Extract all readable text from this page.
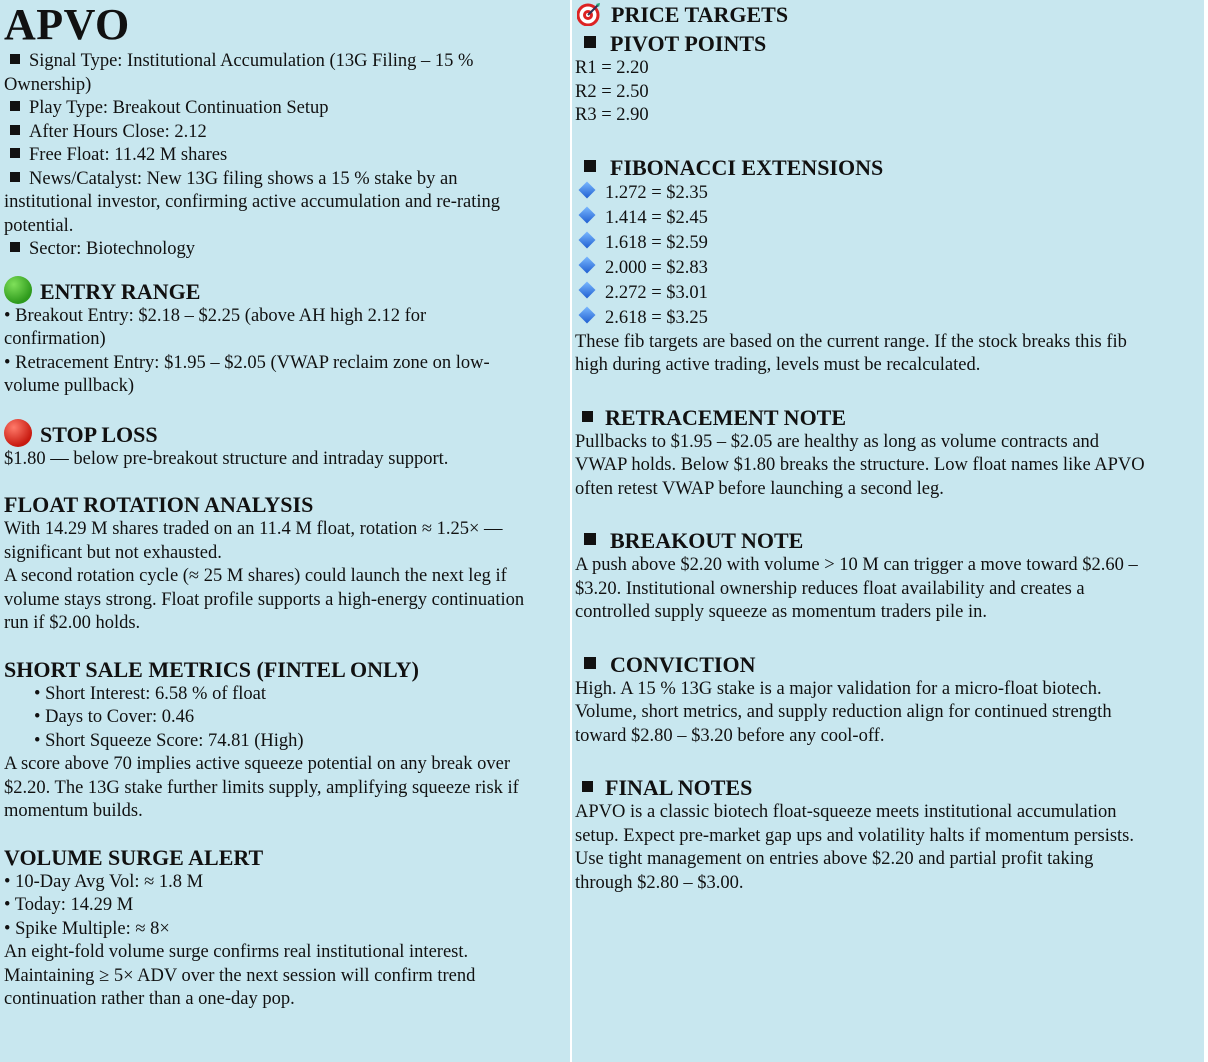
APVO

Signal Type: Institutional Accumulation (13G Filing – 15 %

Ownership)

Play Type: Breakout Continuation Setup

After Hours Close: 2.12

Free Float: 11.42 M shares

News/Catalyst: New 13G filing shows a 15 % stake by an

institutional investor, confirming active accumulation and re-rating

potential.

Sector: Biotechnology

ENTRY RANGE

• Breakout Entry: $2.18 – $2.25 (above AH high 2.12 for

confirmation)

• Retracement Entry: $1.95 – $2.05 (VWAP reclaim zone on low-

volume pullback)

STOP LOSS

$1.80 — below pre-breakout structure and intraday support.

FLOAT ROTATION ANALYSIS

With 14.29 M shares traded on an 11.4 M float, rotation ≈ 1.25× —

significant but not exhausted.

A second rotation cycle (≈ 25 M shares) could launch the next leg if

volume stays strong. Float profile supports a high-energy continuation

run if $2.00 holds.

SHORT SALE METRICS (FINTEL ONLY)

• Short Interest: 6.58 % of float

• Days to Cover: 0.46

• Short Squeeze Score: 74.81 (High)

A score above 70 implies active squeeze potential on any break over

$2.20. The 13G stake further limits supply, amplifying squeeze risk if

momentum builds.

VOLUME SURGE ALERT

• 10-Day Avg Vol: ≈ 1.8 M

• Today: 14.29 M

• Spike Multiple: ≈ 8×

An eight-fold volume surge confirms real institutional interest.

Maintaining ≥ 5× ADV over the next session will confirm trend

continuation rather than a one-day pop.

PRICE TARGETS

PIVOT POINTS

R1 = 2.20

R2 = 2.50

R3 = 2.90

FIBONACCI EXTENSIONS

1.272 = $2.35

1.414 = $2.45

1.618 = $2.59

2.000 = $2.83

2.272 = $3.01

2.618 = $3.25

These fib targets are based on the current range. If the stock breaks this fib

high during active trading, levels must be recalculated.

RETRACEMENT NOTE

Pullbacks to $1.95 – $2.05 are healthy as long as volume contracts and

VWAP holds. Below $1.80 breaks the structure. Low float names like APVO

often retest VWAP before launching a second leg.

BREAKOUT NOTE

A push above $2.20 with volume > 10 M can trigger a move toward $2.60 –

$3.20. Institutional ownership reduces float availability and creates a

controlled supply squeeze as momentum traders pile in.

CONVICTION

High. A 15 % 13G stake is a major validation for a micro-float biotech.

Volume, short metrics, and supply reduction align for continued strength

toward $2.80 – $3.20 before any cool-off.

FINAL NOTES

APVO is a classic biotech float-squeeze meets institutional accumulation

setup. Expect pre-market gap ups and volatility halts if momentum persists.

Use tight management on entries above $2.20 and partial profit taking

through $2.80 – $3.00.
